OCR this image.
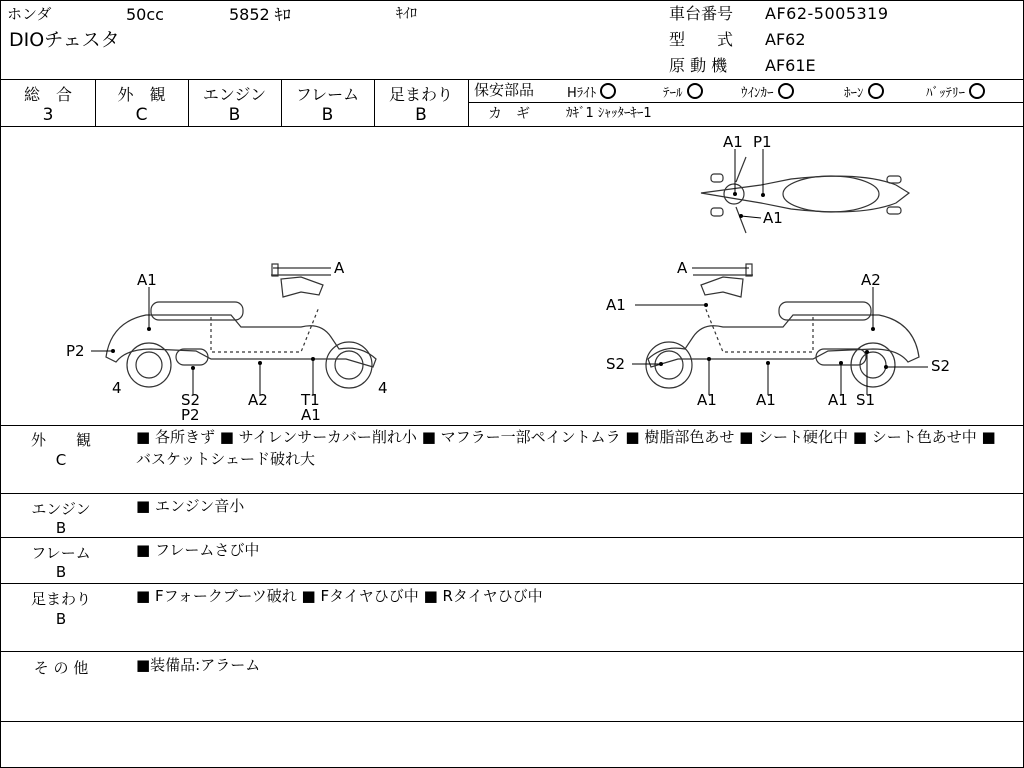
ホンダ	50cc	5852 ｷﾛ	ｷｲﾛ
DIOチェスタ
車台番号 AF62-5005319
型　　式 AF62
原 動 機 AF61E
総　合
3
外　観
C
エンジン
B
フレーム
B
足まわり
B
保安部品	Hﾗｲﾄ	ﾃｰﾙ	ｳｲﾝｶｰ	ﾎｰﾝ	ﾊﾞｯﾃﾘｰ
カ　ギ	ｶｷﾞ1 ｼｬｯﾀｰｷｰ1
A1 P1
A1
A1
A
P2
4
S2
P2
A2 T1
A1
4
A
A2
A1
S2	S2
A1	A1	A1 S1
外　　観
C
■ 各所きず ■ サイレンサーカバー削れ小 ■ マフラー一部ペイントムラ ■ 樹脂部色あせ ■ シート硬化中 ■ シート色あせ中 ■ バスケットシェード破れ大
エンジン
B
■ エンジン音小
フレーム
B
■ フレームさび中
足まわり
B
■ Fフォークブーツ破れ ■ Fタイヤひび中 ■ Rタイヤひび中
そ の 他	■装備品:アラーム
